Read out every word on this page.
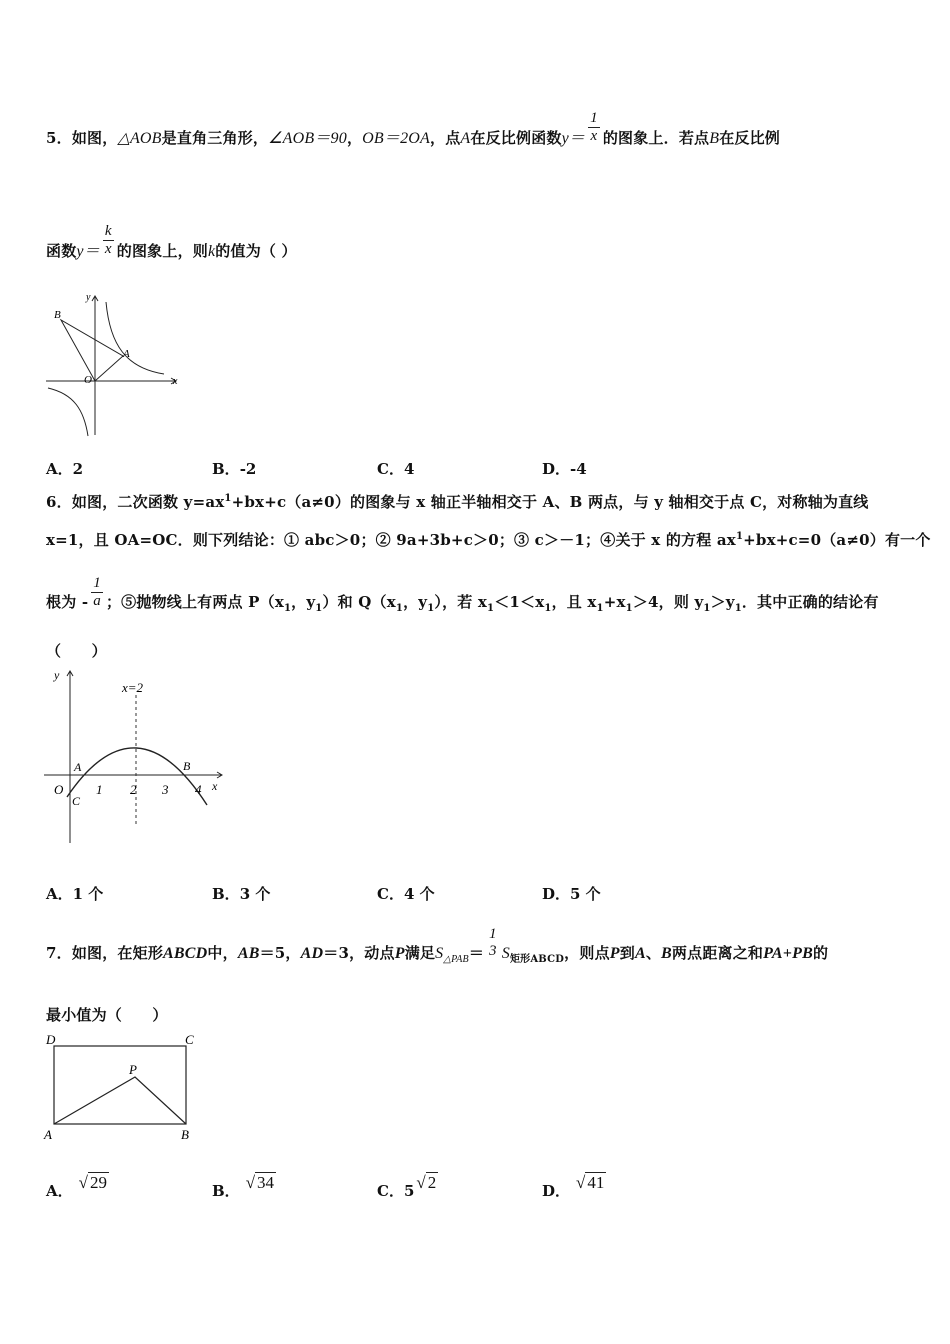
5．如图，△AOB是直角三角形，∠AOB＝90，OB＝2OA，点A在反比例函数$y= \frac{1}{x}$ 的图象上．若点B在反比例
函数$y= \frac{k}{x}$ 的图象上，则k的值为（ ）
B
y
A
O	x
A．2	B．-2	C．4	D．-4
6．如图，二次函数 $y=ax^1+bx+c(a\ne 0)$的图象与 x 轴正半轴相交于 A、B 两点，与 y 轴相交于点 C，对称轴为直线
x=1，且 OA=OC．则下列结论：① abc＞0；② 9a+3b+c＞0；③ c＞－1；④关于 x 的方程 $ax^1+bx+c=0(a\ne 0)$有一个
根为 - $\frac{1}{a}$ ；⑤抛物线上有两点 $P(x_1$，$y_1$）和 $Q(x_1$，$y_1$），若 $x_1<1<x_1$，且 $x_1+x_1>4$，则 $y_1>y_1$．其中正确的结论有
（　　）
y
x=2
A	B
O
C
1 2 3 4 x
A．1 个	B．3 个	C．4 个	D．5 个
7．如图，在矩形ABCD中，AB＝5，AD＝3，动点P满足$S_{\triangle PAB}=$
1
3 $S_{矩形ABCD}$，则点P到A、B两点距离之和PA+PB的
最小值为（　　）
D	C
P
A	B
A． √ 29	B． √ 34	C．5 √ 2	D． √ 41
